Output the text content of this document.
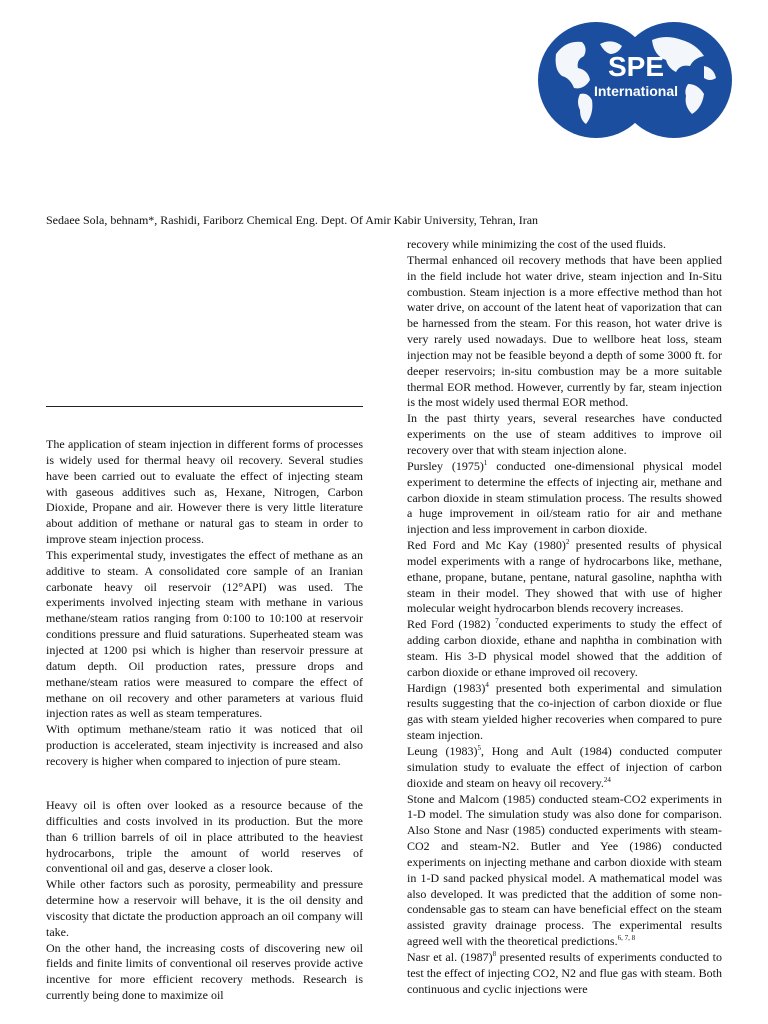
SPE
International
Sedaee Sola, behnam*, Rashidi, Fariborz Chemical Eng. Dept. Of Amir Kabir University, Tehran, Iran

The application of steam injection in different forms of processes is widely used for thermal heavy oil recovery. Several studies have been carried out to evaluate the effect of injecting steam with gaseous additives such as, Hexane, Nitrogen, Carbon Dioxide, Propane and air. However there is very little literature about addition of methane or natural gas to steam in order to improve steam injection process.

This experimental study, investigates the effect of methane as an additive to steam. A consolidated core sample of an Iranian carbonate heavy oil reservoir (12°API) was used. The experiments involved injecting steam with methane in various methane/steam ratios ranging from 0:100 to 10:100 at reservoir conditions pressure and fluid saturations. Superheated steam was injected at 1200 psi which is higher than reservoir pressure at datum depth. Oil production rates, pressure drops and methane/steam ratios were measured to compare the effect of methane on oil recovery and other parameters at various fluid injection rates as well as steam temperatures.

With optimum methane/steam ratio it was noticed that oil production is accelerated, steam injectivity is increased and also recovery is higher when compared to injection of pure steam.

Heavy oil is often over looked as a resource because of the difficulties and costs involved in its production. But the more than 6 trillion barrels of oil in place attributed to the heaviest hydrocarbons, triple the amount of world reserves of conventional oil and gas, deserve a closer look.

While other factors such as porosity, permeability and pressure determine how a reservoir will behave, it is the oil density and viscosity that dictate the production approach an oil company will take.

On the other hand, the increasing costs of discovering new oil fields and finite limits of conventional oil reserves provide active incentive for more efficient recovery methods. Research is currently being done to maximize oil

recovery while minimizing the cost of the used fluids.

Thermal enhanced oil recovery methods that have been applied in the field include hot water drive, steam injection and In-Situ combustion. Steam injection is a more effective method than hot water drive, on account of the latent heat of vaporization that can be harnessed from the steam. For this reason, hot water drive is very rarely used nowadays. Due to wellbore heat loss, steam injection may not be feasible beyond a depth of some 3000 ft. for deeper reservoirs; in-situ combustion may be a more suitable thermal EOR method. However, currently by far, steam injection is the most widely used thermal EOR method.

In the past thirty years, several researches have conducted experiments on the use of steam additives to improve oil recovery over that with steam injection alone.

Pursley $(1975)^1$ conducted one-dimensional physical model experiment to determine the effects of injecting air, methane and carbon dioxide in steam stimulation process. The results showed a huge improvement in oil/steam ratio for air and methane injection and less improvement in carbon dioxide.

Red Ford and Mc Kay $(1980)^2$ presented results of physical model experiments with a range of hydrocarbons like, methane, ethane, propane, butane, pentane, natural gasoline, naphtha with steam in their model. They showed that with use of higher molecular weight hydrocarbon blends recovery increases.

Red Ford (1982) $^7$conducted experiments to study the effect of adding carbon dioxide, ethane and naphtha in combination with steam. His 3-D physical model showed that the addition of carbon dioxide or ethane improved oil recovery.

Hardign $(1983)^4$ presented both experimental and simulation results suggesting that the co-injection of carbon dioxide or flue gas with steam yielded higher recoveries when compared to pure steam injection.

Leung $(1983)^5$, Hong and Ault (1984) conducted computer simulation study to evaluate the effect of injection of carbon dioxide and steam on heavy oil recovery.$^{24}$

Stone and Malcom (1985) conducted steam-CO2 experiments in 1-D model. The simulation study was also done for comparison. Also Stone and Nasr (1985) conducted experiments with steam-CO2 and steam-N2. Butler and Yee (1986) conducted experiments on injecting methane and carbon dioxide with steam in 1-D sand packed physical model. A mathematical model was also developed. It was predicted that the addition of some non-condensable gas to steam can have beneficial effect on the steam assisted gravity drainage process. The experimental results agreed well with the theoretical predictions.$^{6, 7, 8}$

Nasr et al. $(1987)^8$ presented results of experiments conducted to test the effect of injecting CO2, N2 and flue gas with steam. Both continuous and cyclic injections were
